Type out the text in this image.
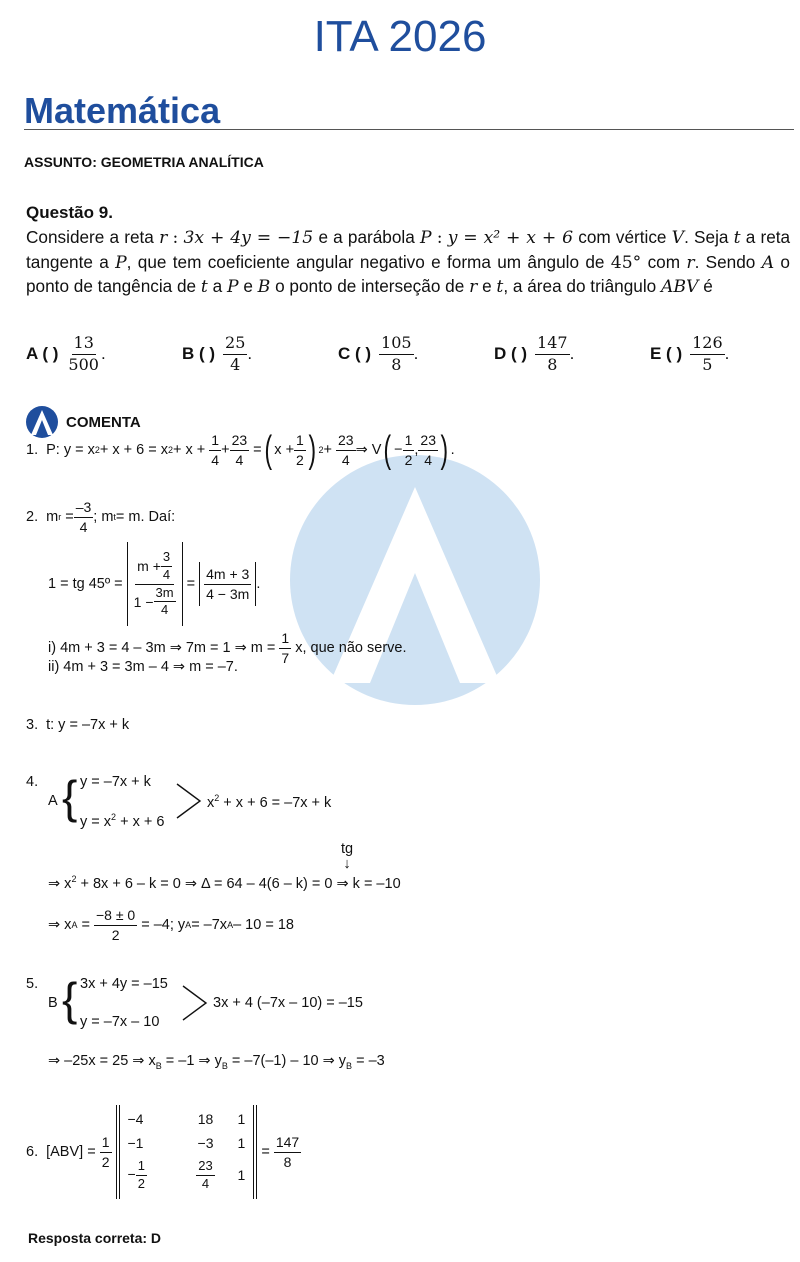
ITA 2026
Matemática
ASSUNTO: GEOMETRIA ANALÍTICA
Questão 9.
Considere a reta r : 3x + 4y = −15 e a parábola P : y = x² + x + 6 com vértice V. Seja t a reta tangente a P, que tem coeficiente angular negativo e forma um ângulo de 45° com r. Sendo A o ponto de tangência de t a P e B o ponto de interseção de r e t, a área do triângulo ABV é
A ( ) $\frac{13}{500}$ .	B ( ) $\frac{25}{4}$ .	C ( ) $\frac{105}{8}$ .	D ( ) $\frac{147}{8}$ .	E ( ) $\frac{126}{5}$ .
COMENTA
1. P: y = x 2 + x + 6 = x 2 + x +
$\frac{1}{4} + \frac{23}{4}$
= ( $x + \frac{1}{2}$ ) 2 +
$\frac{23}{4}$ ⇒ V ( − $\frac{1}{2}$ , $\frac{23}{4}$ ) .
2. m r
= $\frac{-3}{4}$ ; m t = m. Daí:
1 = tg 45º =
$\frac{m + \frac{3}{4}}{1 - \frac{3m}{4}}$
=
$\frac{4m + 3}{4 - 3m}$ .
i) 4m + 3 = 4 – 3m ⇒ 7m = 1 ⇒ m =
$\frac{1}{7}$
x, que não serve.
ii) 4m + 3 = 3m – 4 ⇒ m = –7.
3. t: y = –7x + k
4.
A { y = –7x + k
$y = x^2 + x + 6$
$x^2 + x + 6 = -7x + k$
tg
↓
⇒ $x^2 + 8x + 6 - k = 0$ ⇒ Δ = 64 – 4(6 – k) = 0 ⇒ k = –10
⇒ x A
=
$\frac{-8 \pm 0}{2}$
= –4; y A = –7x A – 10 = 18
5.
B { 3x + 4y = –15
y = –7x – 10
3x + 4 (–7x – 10) = –15
⇒ –25x = 25 ⇒ $x_B = -1$ ⇒ $y_B = -7(-1) - 10$ ⇒ $y_B = -3$
6. [ABV] =
$\frac{1}{2}$
−4	18	1
−1	−3	1
− $\frac{1}{2}$	$\frac{23}{4}$	1

=
$\frac{147}{8}$
Resposta correta: D
